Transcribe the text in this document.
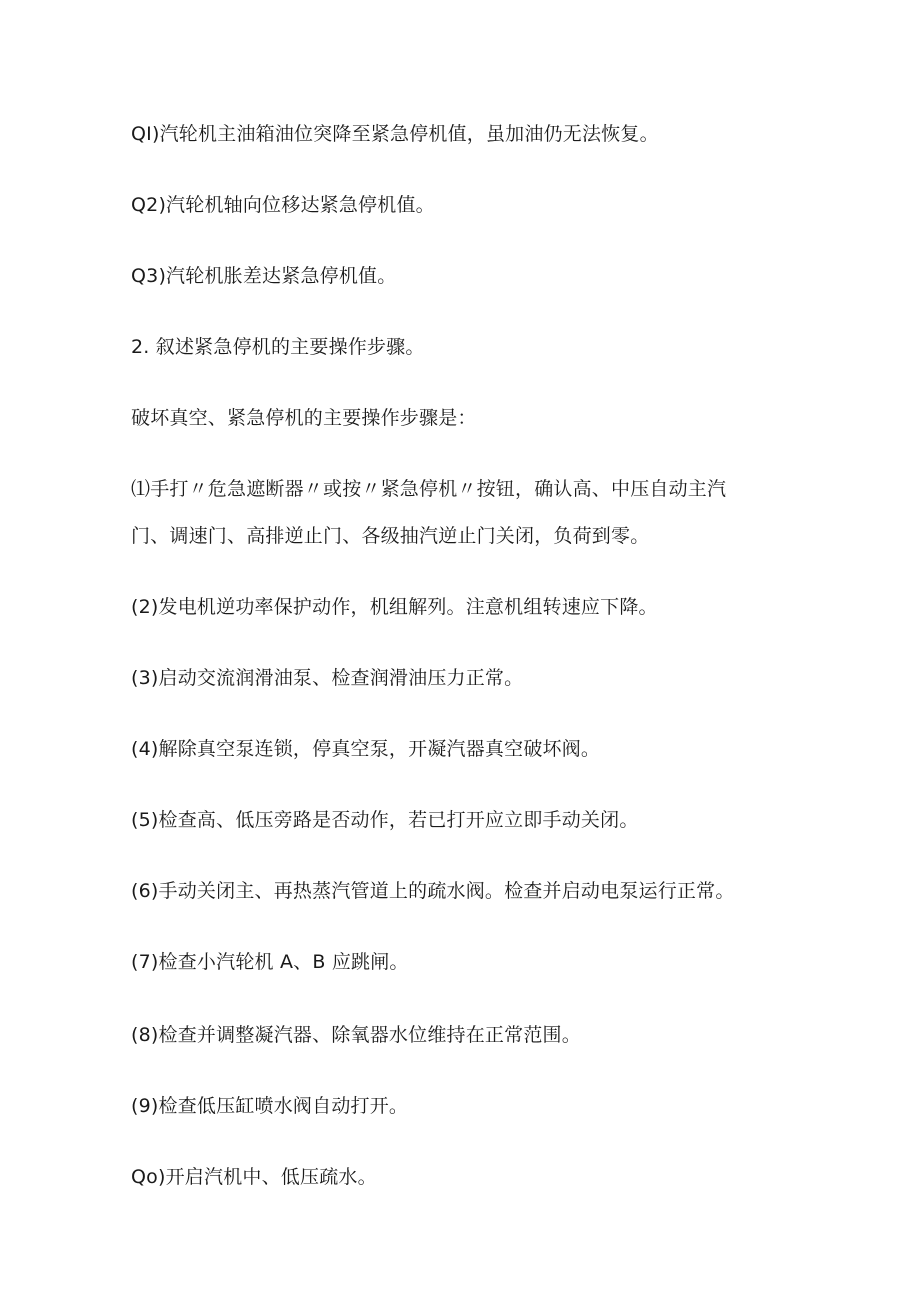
QI)汽轮机主油箱油位突降至紧急停机值，虽加油仍无法恢复。
Q2)汽轮机轴向位移达紧急停机值。
Q3)汽轮机胀差达紧急停机值。
2. 叙述紧急停机的主要操作步骤。
破坏真空、紧急停机的主要操作步骤是：
⑴手打〃危急遮断器〃或按〃紧急停机〃按钮，确认高、中压自动主汽
门、调速门、高排逆止门、各级抽汽逆止门关闭，负荷到零。
(2)发电机逆功率保护动作，机组解列。注意机组转速应下降。
(3)启动交流润滑油泵、检查润滑油压力正常。
(4)解除真空泵连锁，停真空泵，开凝汽器真空破坏阀。
(5)检查高、低压旁路是否动作，若已打开应立即手动关闭。
(6)手动关闭主、再热蒸汽管道上的疏水阀。检查并启动电泵运行正常。
(7)检查小汽轮机 A、B 应跳闸。
(8)检查并调整凝汽器、除氧器水位维持在正常范围。
(9)检查低压缸喷水阀自动打开。
Qo)开启汽机中、低压疏水。
